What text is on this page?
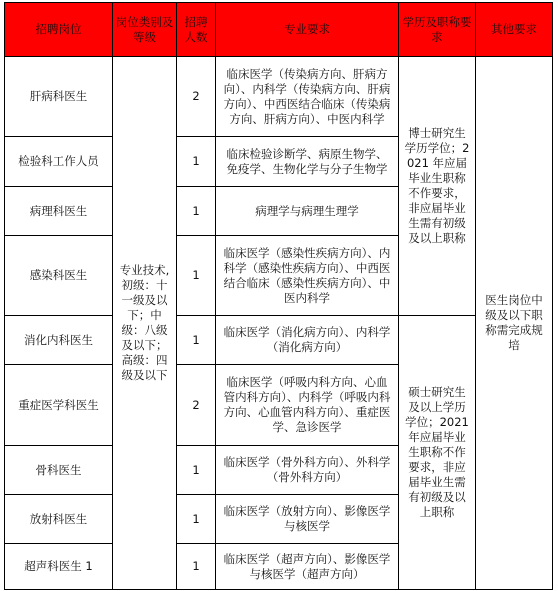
招聘岗位	岗位类别及等级	招聘人数	专业要求	学历及职称要求	其他要求
肝病科医生	专业技术,初级：十一级及以下；中级：八级及以下；高级：四级及以下	2	临床医学（传染病方向、肝病方向）、内科学（传染病方向、肝病方向）、中西医结合临床（传染病方向、肝病方向）、中医内科学	博士研究生学历学位；2021 年应届毕业生职称不作要求，非应届毕业生需有初级及以上职称	医生岗位中级及以下职称需完成规培
检验科工作人员		1	临床检验诊断学、病原生物学、免疫学、生物化学与分子生物学		
病理科医生		1	病理学与病理生理学		
感染科医生		1	临床医学（感染性疾病方向）、内科学（感染性疾病方向）、中西医结合临床（感染性疾病方向）、中医内科学		
消化内科医生		1	临床医学（消化病方向）、内科学（消化病方向）	硕士研究生及以上学历学位；2021 年应届毕业生职称不作要求，非应届毕业生需有初级及以上职称	
重症医学科医生		2	临床医学（呼吸内科方向、心血管内科方向）、内科学（呼吸内科方向、心血管内科方向）、重症医学、急诊医学		
骨科医生		1	临床医学（骨外科方向）、外科学（骨外科方向）		
放射科医生		1	临床医学（放射方向）、影像医学与核医学		
超声科医生 1		1	临床医学（超声方向）、影像医学与核医学（超声方向）		
